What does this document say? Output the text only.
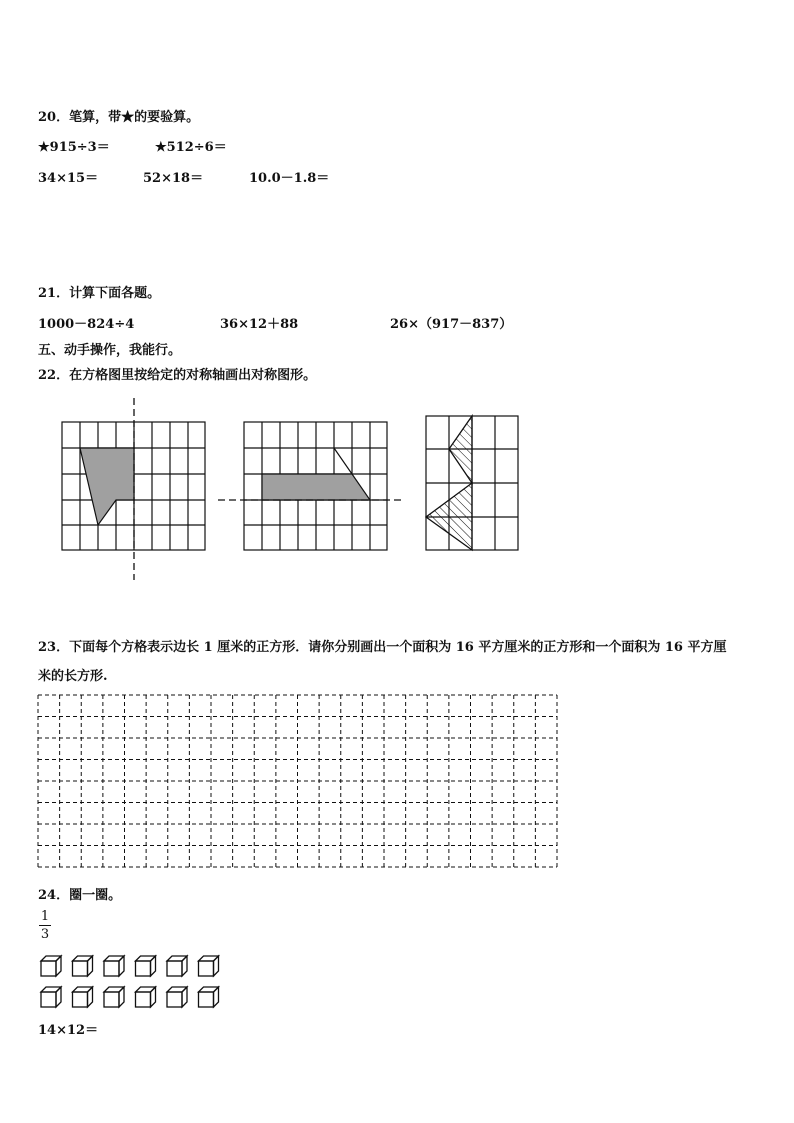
20．笔算，带★的要验算。
★915÷3＝	★512÷6＝
34×15＝	52×18＝	10.0－1.8＝
21．计算下面各题。
1000－824÷4	36×12＋88	26×（917－837）
五、动手操作，我能行。
22．在方格图里按给定的对称轴画出对称图形。
23．下面每个方格表示边长 1 厘米的正方形．请你分别画出一个面积为 16 平方厘米的正方形和一个面积为 16 平方厘
米的长方形.
24．圈一圈。
1
3
14×12＝
